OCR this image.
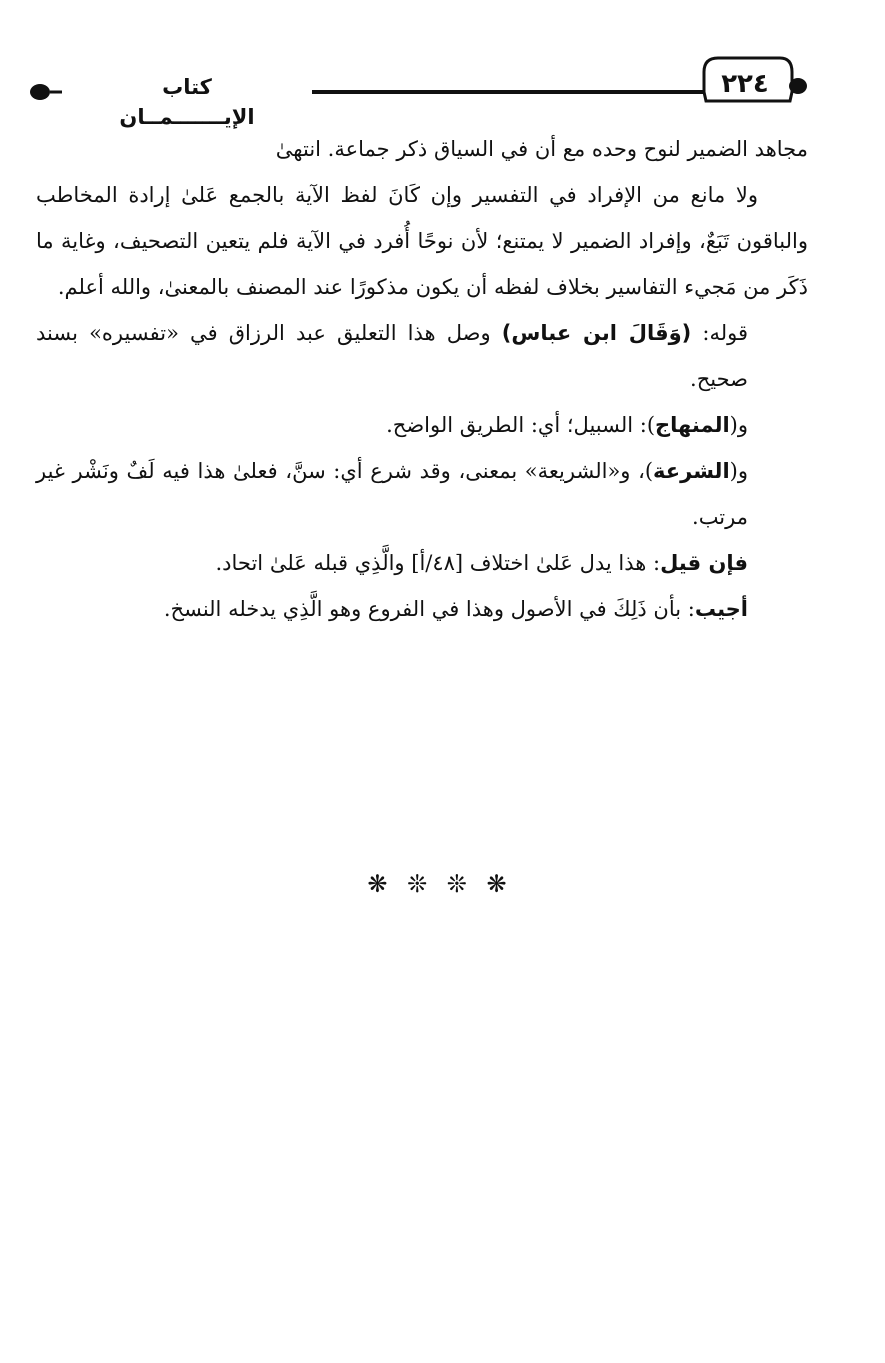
٢٢٤
كتاب الإيـــــــمــان

مجاهد الضمير لنوح وحده مع أن في السياق ذكر جماعة. انتهىٰ

ولا مانع من الإفراد في التفسير وإن كَانَ لفظ الآية بالجمع عَلىٰ إرادة المخاطب والباقون تَبَعٌ، وإفراد الضمير لا يمتنع؛ لأن نوحًا أُفرد في الآية فلم يتعين التصحيف، وغاية ما ذَكَر من مَجيء التفاسير بخلاف لفظه أن يكون مذكورًا عند المصنف بالمعنىٰ، والله أعلم.

قوله: (وَقَالَ ابن عباس) وصل هذا التعليق عبد الرزاق في «تفسيره» بسند صحيح.

و(المنهاج): السبيل؛ أي: الطريق الواضح.

و(الشرعة)، و«الشريعة» بمعنى، وقد شرع أي: سنَّ، فعلىٰ هذا فيه لَفٌ ونَشْر غير مرتب.

فإن قيل: هذا يدل عَلىٰ اختلاف [٤٨/أ] والَّذِي قبله عَلىٰ اتحاد.

أجيب: بأن ذَلِكَ في الأصول وهذا في الفروع وهو الَّذِي يدخله النسخ.

❋ ❊ ❊ ❋
